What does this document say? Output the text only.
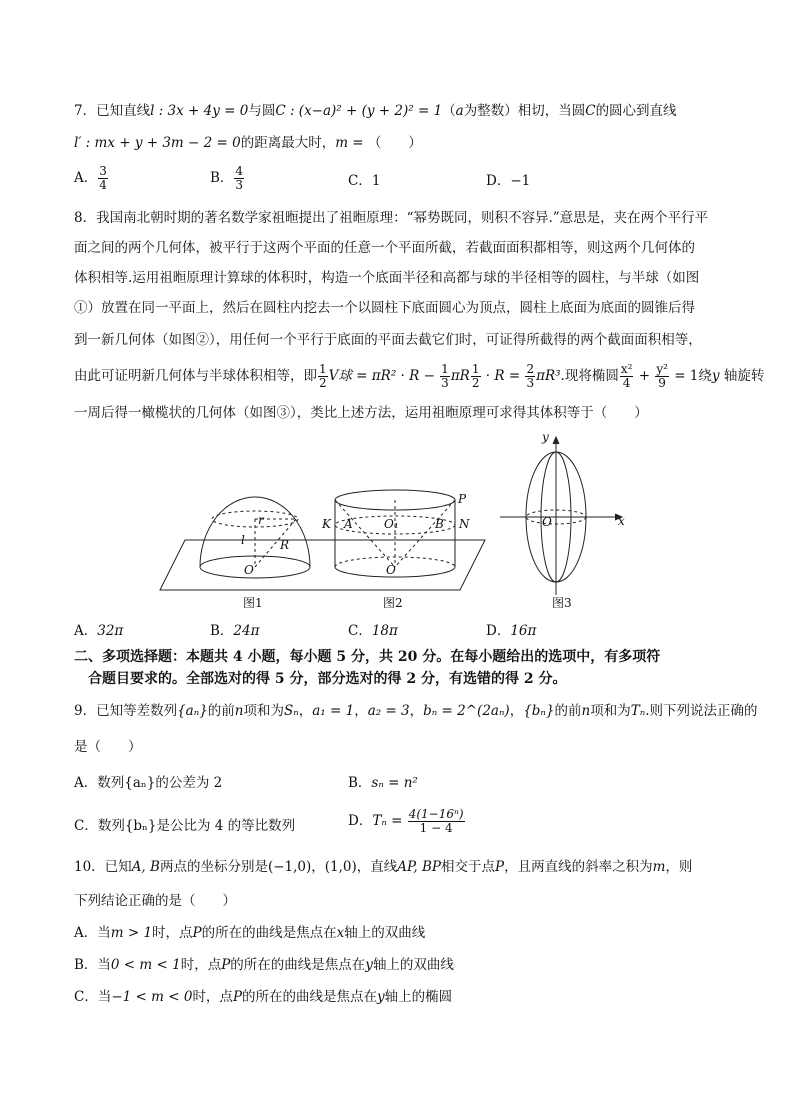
7．已知直线l : 3x + 4y = 0与圆C : (x−a)² + (y + 2)² = 1（a为整数）相切，当圆C的圆心到直线
l′ : mx + y + 3m − 2 = 0的距离最大时，m = （　　）
A． $\frac{3}{4}$	B． $\frac{4}{3}$	C．1	D．−1
8．我国南北朝时期的著名数学家祖暅提出了祖暅原理：“幂势既同，则积不容异.”意思是，夹在两个平行平
面之间的两个几何体，被平行于这两个平面的任意一个平面所截，若截面面积都相等，则这两个几何体的
体积相等.运用祖暅原理计算球的体积时，构造一个底面半径和高都与球的半径相等的圆柱，与半球（如图
①）放置在同一平面上，然后在圆柱内挖去一个以圆柱下底面圆心为顶点，圆柱上底面为底面的圆锥后得
到一新几何体（如图②），用任何一个平行于底面的平面去截它们时，可证得所截得的两个截面面积相等，
由此可证明新几何体与半球体积相等，即 $\frac{1}{2}$ V球 = $\pi R^2 \cdot R - \frac{1}{3}$ πR $\frac{1}{2} \cdot R = \frac{2}{3} \pi R^3$.现将椭圆 $\frac{\text{x²}}{4} + \frac{\text{y²}}{9} = 1$绕y 轴旋转
一周后得一橄榄状的几何体（如图③），类比上述方法，运用祖暅原理可求得其体积等于（　　）
r
l	R
O
P
K A	O₁	B N
O
y
x
O
图1	图2	图3
A．32π	B．24π	C．18π	D．16π
二、多项选择题：本题共 4 小题，每小题 5 分，共 20 分。在每小题给出的选项中，有多项符
合题目要求的。全部选对的得 5 分，部分选对的得 2 分，有选错的得 2 分。
9．已知等差数列{aₙ}的前n项和为Sₙ，a₁ = 1，a₂ = 3，bₙ = 2^(2aₙ)，{bₙ}的前n项和为Tₙ.则下列说法正确的
是（　　）
A．数列{aₙ}的公差为 2	B．sₙ = n²
C．数列{bₙ}是公比为 4 的等比数列	D．$T_n = \frac{\text{4(1−16ⁿ)}}{1 - 4}$
10．已知A, B两点的坐标分别是(−1,0)，(1,0)，直线AP, BP相交于点P，且两直线的斜率之积为m，则
下列结论正确的是（　　）
A．当m > 1时，点P的所在的曲线是焦点在x轴上的双曲线
B．当0 < m < 1时，点P的所在的曲线是焦点在y轴上的双曲线
C．当−1 < m < 0时，点P的所在的曲线是焦点在y轴上的椭圆
